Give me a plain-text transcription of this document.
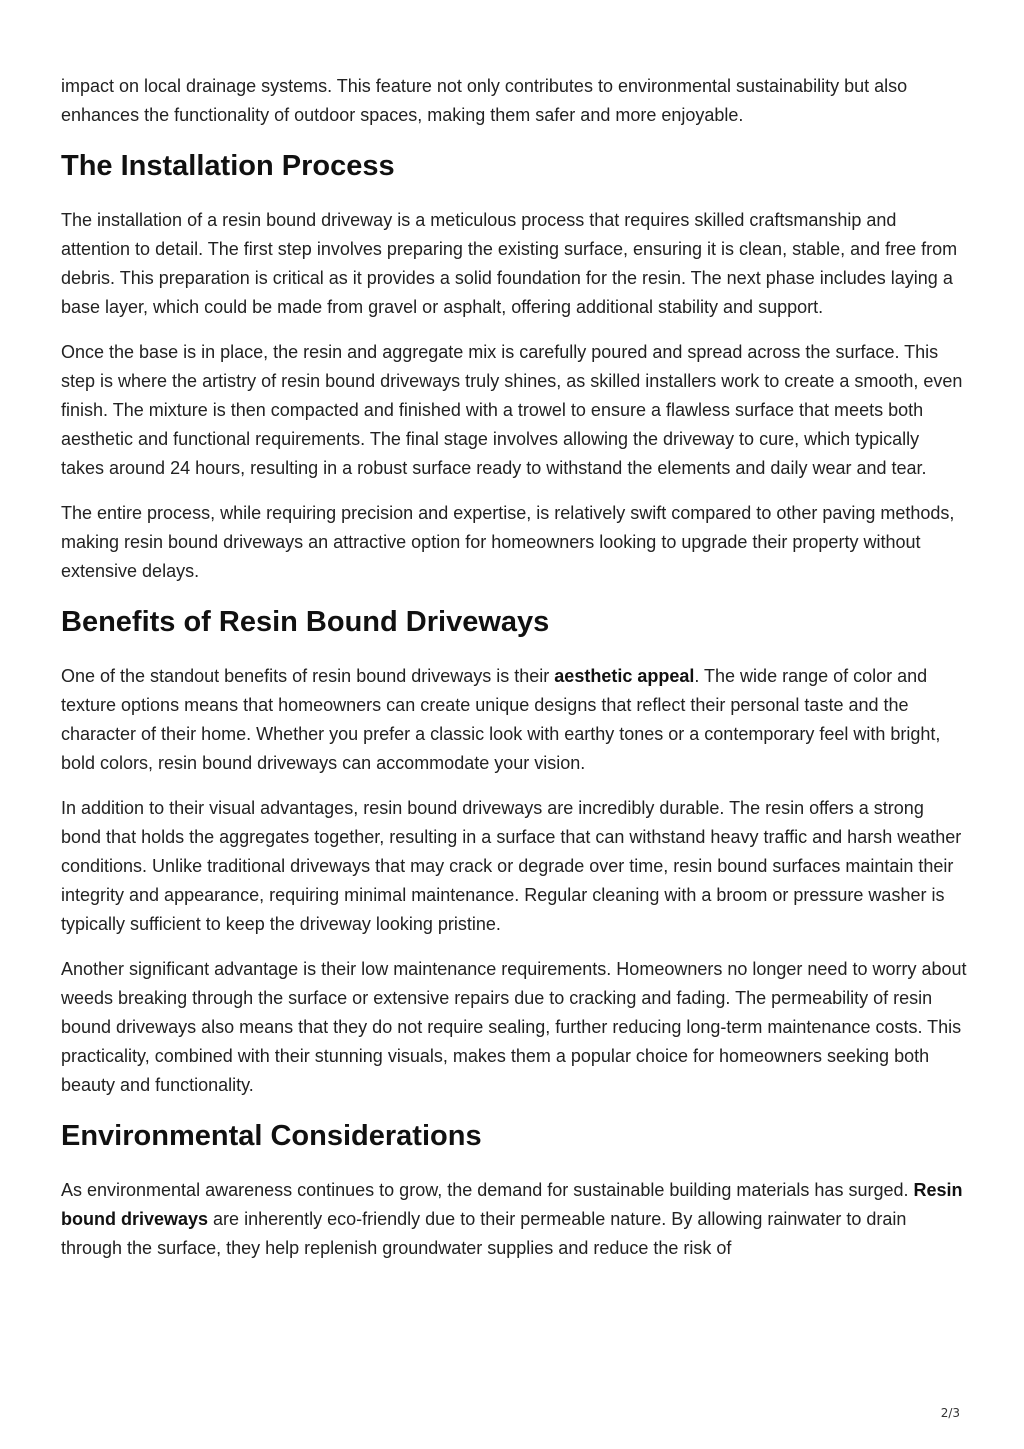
impact on local drainage systems. This feature not only contributes to environmental sustainability but also enhances the functionality of outdoor spaces, making them safer and more enjoyable.

The Installation Process

The installation of a resin bound driveway is a meticulous process that requires skilled craftsmanship and attention to detail. The first step involves preparing the existing surface, ensuring it is clean, stable, and free from debris. This preparation is critical as it provides a solid foundation for the resin. The next phase includes laying a base layer, which could be made from gravel or asphalt, offering additional stability and support.

Once the base is in place, the resin and aggregate mix is carefully poured and spread across the surface. This step is where the artistry of resin bound driveways truly shines, as skilled installers work to create a smooth, even finish. The mixture is then compacted and finished with a trowel to ensure a flawless surface that meets both aesthetic and functional requirements. The final stage involves allowing the driveway to cure, which typically takes around 24 hours, resulting in a robust surface ready to withstand the elements and daily wear and tear.

The entire process, while requiring precision and expertise, is relatively swift compared to other paving methods, making resin bound driveways an attractive option for homeowners looking to upgrade their property without extensive delays.

Benefits of Resin Bound Driveways

One of the standout benefits of resin bound driveways is their aesthetic appeal. The wide range of color and texture options means that homeowners can create unique designs that reflect their personal taste and the character of their home. Whether you prefer a classic look with earthy tones or a contemporary feel with bright, bold colors, resin bound driveways can accommodate your vision.

In addition to their visual advantages, resin bound driveways are incredibly durable. The resin offers a strong bond that holds the aggregates together, resulting in a surface that can withstand heavy traffic and harsh weather conditions. Unlike traditional driveways that may crack or degrade over time, resin bound surfaces maintain their integrity and appearance, requiring minimal maintenance. Regular cleaning with a broom or pressure washer is typically sufficient to keep the driveway looking pristine.

Another significant advantage is their low maintenance requirements. Homeowners no longer need to worry about weeds breaking through the surface or extensive repairs due to cracking and fading. The permeability of resin bound driveways also means that they do not require sealing, further reducing long-term maintenance costs. This practicality, combined with their stunning visuals, makes them a popular choice for homeowners seeking both beauty and functionality.

Environmental Considerations

As environmental awareness continues to grow, the demand for sustainable building materials has surged. Resin bound driveways are inherently eco-friendly due to their permeable nature. By allowing rainwater to drain through the surface, they help replenish groundwater supplies and reduce the risk of

2/3
